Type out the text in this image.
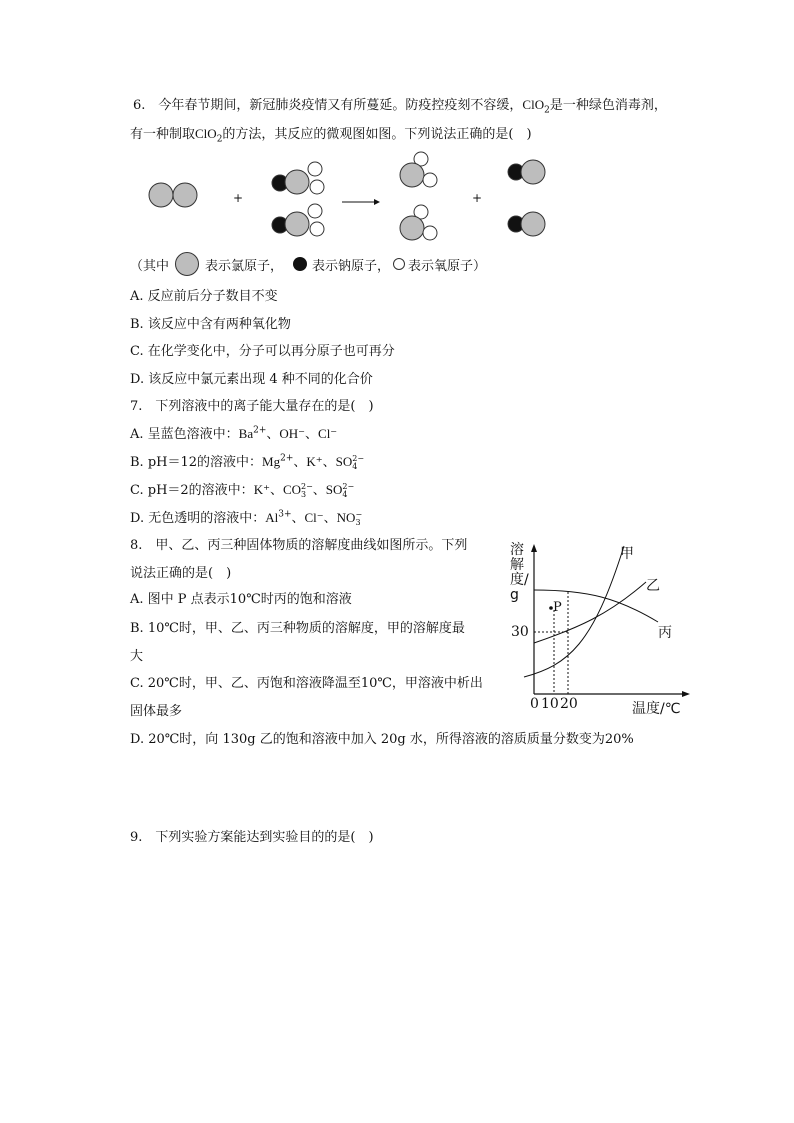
6.　今年春节期间，新冠肺炎疫情又有所蔓延。防疫控疫刻不容缓，ClO$_2$是一种绿色消毒剂，
有一种制取ClO$_2$的方法，其反应的微观图如图。下列说法正确的是(　)
+	+
（其中	表示氯原子， 表示钠原子， 表示氧原子）
A. 反应前后分子数目不变
B. 该反应中含有两种氧化物
C. 在化学变化中，分子可以再分原子也可再分
D. 该反应中氯元素出现 4 种不同的化合价
7.　下列溶液中的离子能大量存在的是(　)
A. 呈蓝色溶液中：$Ba^{2+}$、OH⁻、Cl⁻
B. pH＝12的溶液中：$Mg^{2+}$、K⁺、SO 2−
4
C. pH＝2的溶液中：K⁺、CO 2−
3 、SO 2−
4
D. 无色透明的溶液中：$Al^{3+}$、Cl⁻、NO −
3
8.　甲、乙、丙三种固体物质的溶解度曲线如图所示。下列
说法正确的是(　)
A. 图中 P 点表示10℃时丙的饱和溶液
B. 10℃时，甲、乙、丙三种物质的溶解度，甲的溶解度最
大
C. 20℃时，甲、乙、丙饱和溶液降温至10℃，甲溶液中析出
固体最多
D. 20℃时，向 130g 乙的饱和溶液中加入 20g 水，所得溶液的溶质质量分数变为20%
溶解度/g
温度/℃
30
0 10 20
P
甲
乙
丙
9.　下列实验方案能达到实验目的的是(　)
